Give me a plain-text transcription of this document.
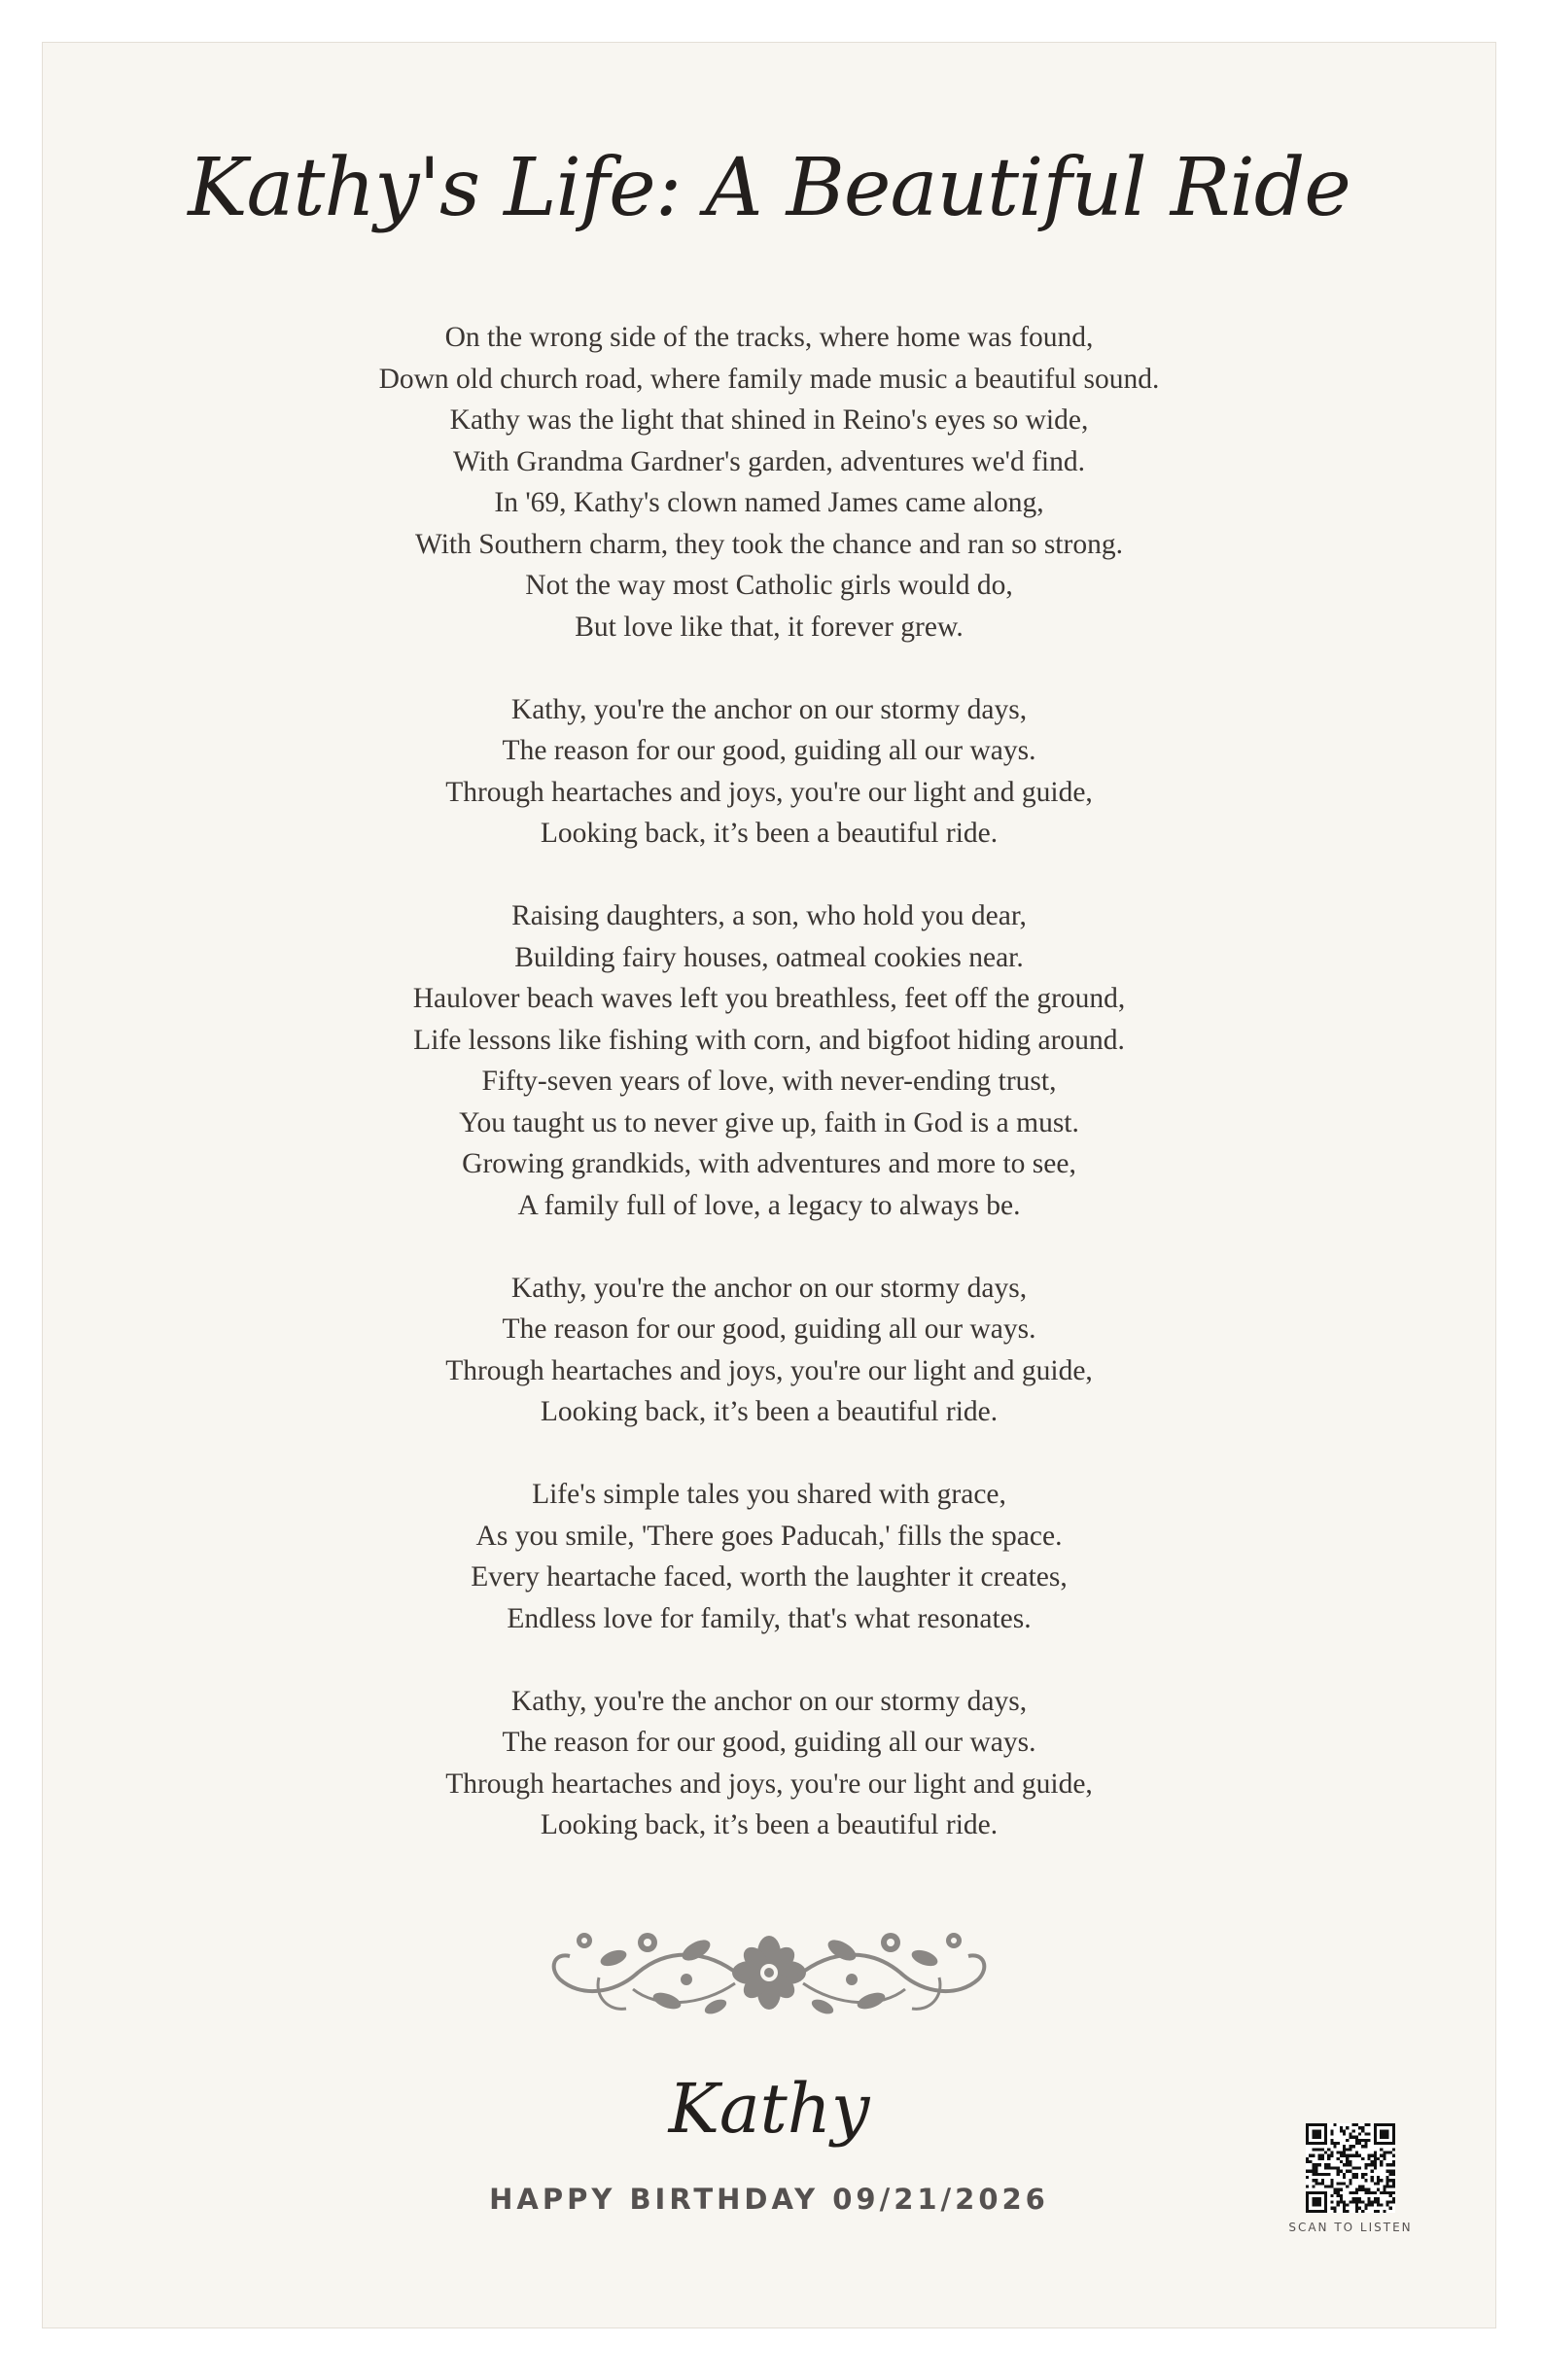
Kathy's Life: A Beautiful Ride
On the wrong side of the tracks, where home was found,
Down old church road, where family made music a beautiful sound.
Kathy was the light that shined in Reino's eyes so wide,
With Grandma Gardner's garden, adventures we'd find.
In '69, Kathy's clown named James came along,
With Southern charm, they took the chance and ran so strong.
Not the way most Catholic girls would do,
But love like that, it forever grew.
Kathy, you're the anchor on our stormy days,
The reason for our good, guiding all our ways.
Through heartaches and joys, you're our light and guide,
Looking back, it’s been a beautiful ride.
Raising daughters, a son, who hold you dear,
Building fairy houses, oatmeal cookies near.
Haulover beach waves left you breathless, feet off the ground,
Life lessons like fishing with corn, and bigfoot hiding around.
Fifty-seven years of love, with never-ending trust,
You taught us to never give up, faith in God is a must.
Growing grandkids, with adventures and more to see,
A family full of love, a legacy to always be.
Kathy, you're the anchor on our stormy days,
The reason for our good, guiding all our ways.
Through heartaches and joys, you're our light and guide,
Looking back, it’s been a beautiful ride.
Life's simple tales you shared with grace,
As you smile, 'There goes Paducah,' fills the space.
Every heartache faced, worth the laughter it creates,
Endless love for family, that's what resonates.
Kathy, you're the anchor on our stormy days,
The reason for our good, guiding all our ways.
Through heartaches and joys, you're our light and guide,
Looking back, it’s been a beautiful ride.
Kathy
HAPPY BIRTHDAY 09/21/2026
SCAN TO LISTEN
